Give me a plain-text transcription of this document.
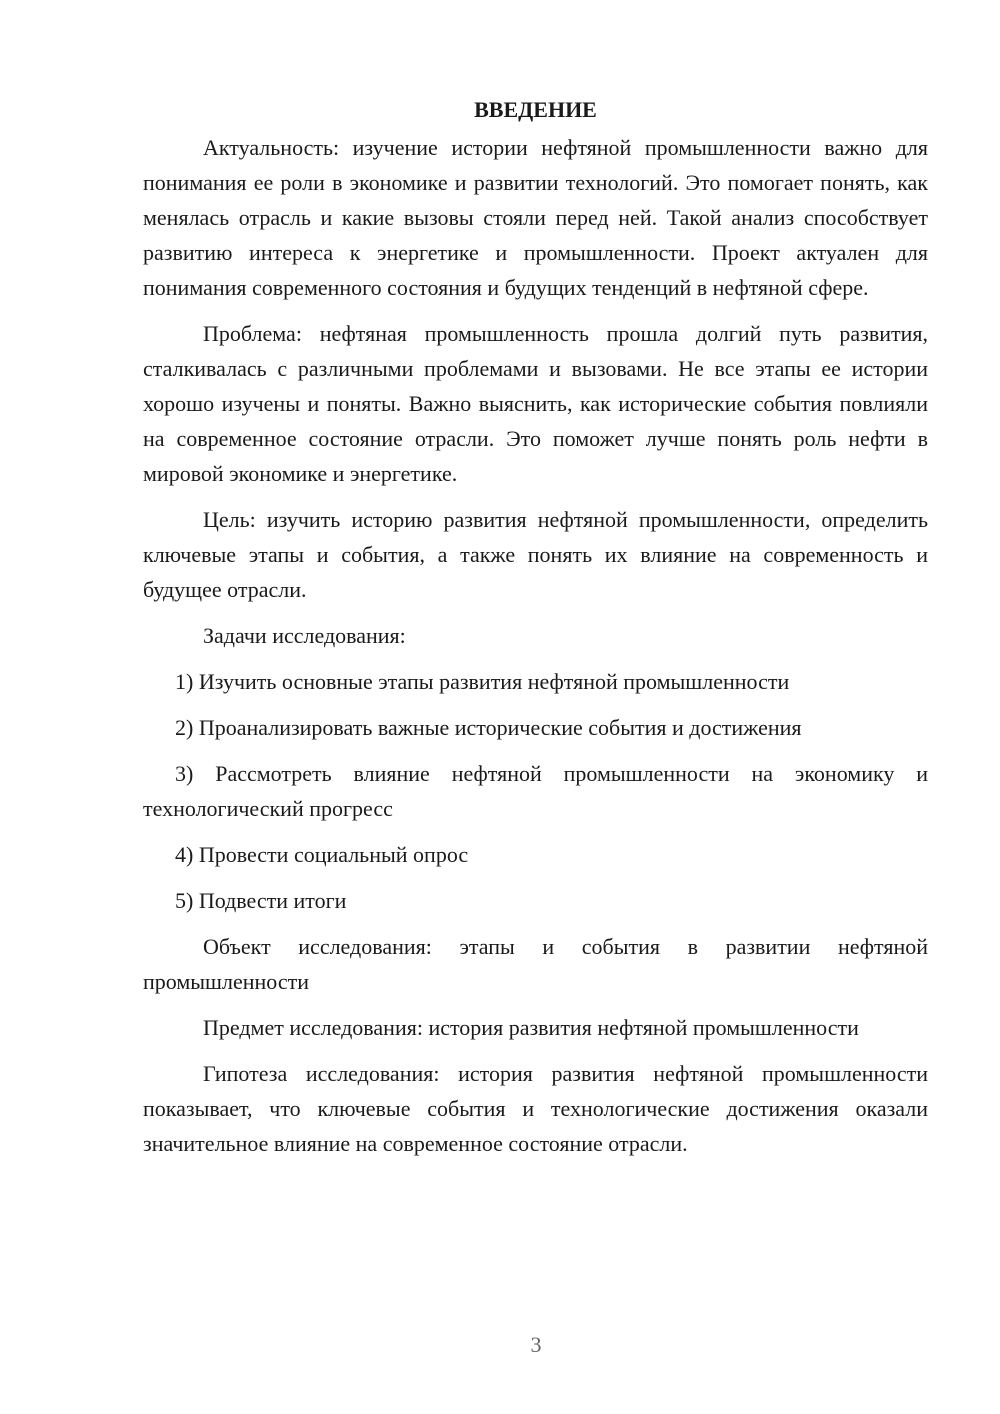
ВВЕДЕНИЕ

Актуальность: изучение истории нефтяной промышленности важно для понимания ее роли в экономике и развитии технологий. Это помогает понять, как менялась отрасль и какие вызовы стояли перед ней. Такой анализ способствует развитию интереса к энергетике и промышленности. Проект актуален для понимания современного состояния и будущих тенденций в нефтяной сфере.

Проблема: нефтяная промышленность прошла долгий путь развития, сталкивалась с различными проблемами и вызовами. Не все этапы ее истории хорошо изучены и поняты. Важно выяснить, как исторические события повлияли на современное состояние отрасли. Это поможет лучше понять роль нефти в мировой экономике и энергетике.

Цель: изучить историю развития нефтяной промышленности, определить ключевые этапы и события, а также понять их влияние на современность и будущее отрасли.

Задачи исследования:

1) Изучить основные этапы развития нефтяной промышленности

2) Проанализировать важные исторические события и достижения

3) Рассмотреть влияние нефтяной промышленности на экономику и технологический прогресс

4) Провести социальный опрос

5) Подвести итоги

Объект исследования: этапы и события в развитии нефтяной промышленности

Предмет исследования: история развития нефтяной промышленности

Гипотеза исследования: история развития нефтяной промышленности показывает, что ключевые события и технологические достижения оказали значительное влияние на современное состояние отрасли.

3
